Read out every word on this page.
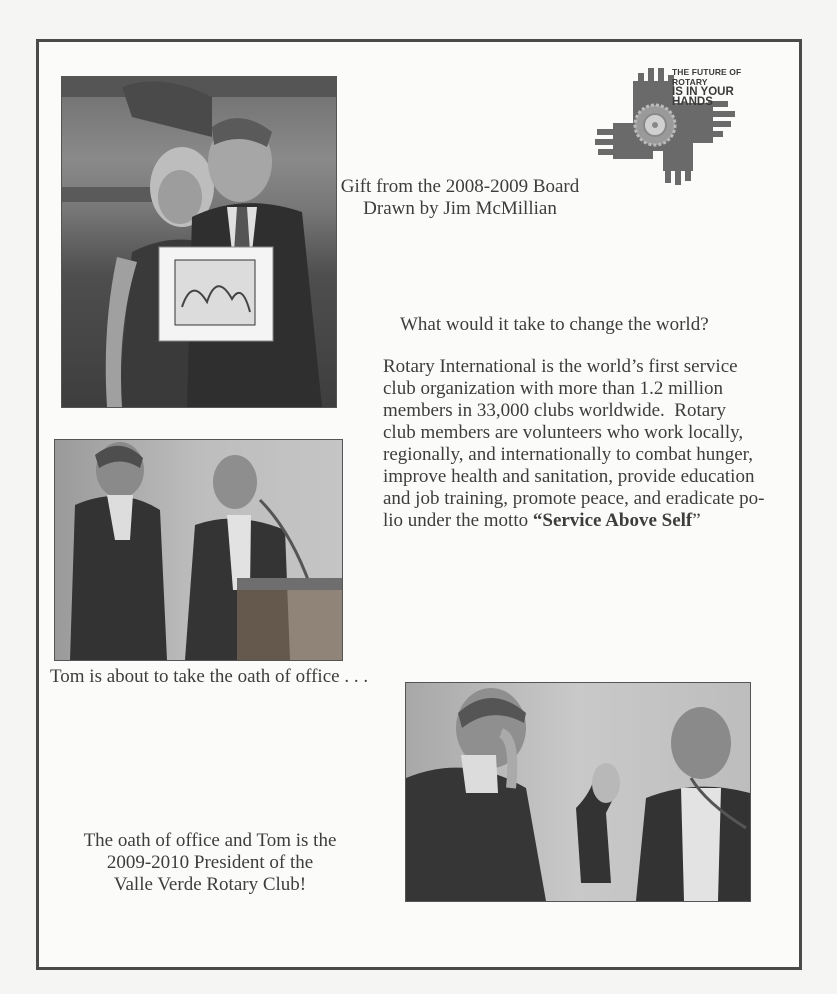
THE FUTURE OF ROTARY
IS IN YOUR HANDS
Gift from the 2008-2009 Board
Drawn by Jim McMillian
What would it take to change the world?
Rotary International is the world’s first service
club organization with more than 1.2 million
members in 33,000 clubs worldwide.  Rotary
club members are volunteers who work locally,
regionally, and internationally to combat hunger,
improve health and sanitation, provide education
and job training, promote peace, and eradicate po-
lio under the motto “Service Above Self”
Tom is about to take the oath of office . . .
The oath of office and Tom is the
2009-2010 President of the
Valle Verde Rotary Club!
